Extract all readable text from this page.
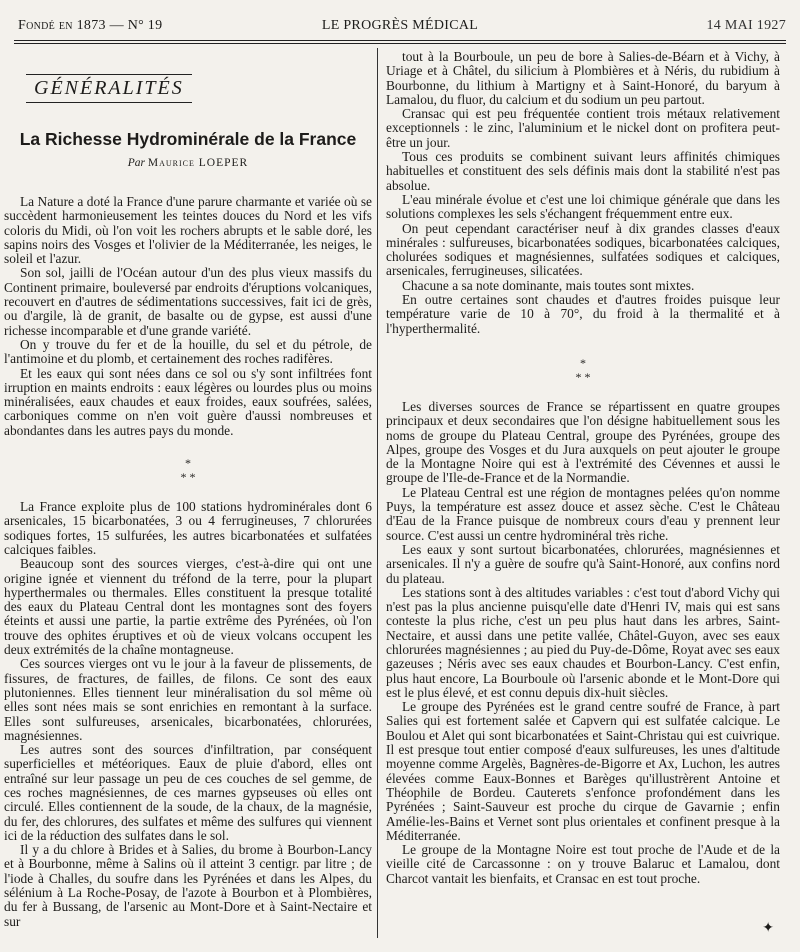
Fondé en 1873 — N° 19	LE PROGRÈS MÉDICAL	14 MAI 1927
GÉNÉRALITÉS
La Richesse Hydrominérale de la France
Par Maurice LOEPER

La Nature a doté la France d'une parure charmante et variée où se succèdent harmonieusement les teintes douces du Nord et les vifs coloris du Midi, où l'on voit les rochers abrupts et le sable doré, les sapins noirs des Vosges et l'olivier de la Méditerranée, les neiges, le soleil et l'azur.

Son sol, jailli de l'Océan autour d'un des plus vieux massifs du Continent primaire, bouleversé par endroits d'éruptions volcaniques, recouvert en d'autres de sédimentations successives, fait ici de grès, ou d'argile, là de granit, de basalte ou de gypse, est aussi d'une richesse incomparable et d'une grande variété.

On y trouve du fer et de la houille, du sel et du pétrole, de l'antimoine et du plomb, et certainement des roches radifères.

Et les eaux qui sont nées dans ce sol ou s'y sont infiltrées font irruption en maints endroits : eaux légères ou lourdes plus ou moins minéralisées, eaux chaudes et eaux froides, eaux soufrées, salées, carboniques comme on n'en voit guère d'aussi nombreuses et abondantes dans les autres pays du monde.

*
* *

La France exploite plus de 100 stations hydrominérales dont 6 arsenicales, 15 bicarbonatées, 3 ou 4 ferrugineuses, 7 chlorurées sodiques fortes, 15 sulfurées, les autres bicarbonatées et sulfatées calciques faibles.

Beaucoup sont des sources vierges, c'est-à-dire qui ont une origine ignée et viennent du tréfond de la terre, pour la plupart hyperthermales ou thermales. Elles constituent la presque totalité des eaux du Plateau Central dont les montagnes sont des foyers éteints et aussi une partie, la partie extrême des Pyrénées, où l'on trouve des ophites éruptives et où de vieux volcans occupent les deux extrémités de la chaîne montagneuse.

Ces sources vierges ont vu le jour à la faveur de plissements, de fissures, de fractures, de failles, de filons. Ce sont des eaux plutoniennes. Elles tiennent leur minéralisation du sol même où elles sont nées mais se sont enrichies en remontant à la surface. Elles sont sulfureuses, arsenicales, bicarbonatées, chlorurées, magnésiennes.

Les autres sont des sources d'infiltration, par conséquent superficielles et météoriques. Eaux de pluie d'abord, elles ont entraîné sur leur passage un peu de ces couches de sel gemme, de ces roches magnésiennes, de ces marnes gypseuses où elles ont circulé. Elles contiennent de la soude, de la chaux, de la magnésie, du fer, des chlorures, des sulfates et même des sulfures qui viennent ici de la réduction des sulfates dans le sol.

Il y a du chlore à Brides et à Salies, du brome à Bourbon-Lancy et à Bourbonne, même à Salins où il atteint 3 centigr. par litre ; de l'iode à Challes, du soufre dans les Pyrénées et dans les Alpes, du sélénium à La Roche-Posay, de l'azote à Bourbon et à Plombières, du fer à Bussang, de l'arsenic au Mont-Dore et à Saint-Nectaire et sur

tout à la Bourboule, un peu de bore à Salies-de-Béarn et à Vichy, à Uriage et à Châtel, du silicium à Plombières et à Néris, du rubidium à Bourbonne, du lithium à Martigny et à Saint-Honoré, du baryum à Lamalou, du fluor, du calcium et du sodium un peu partout.

Cransac qui est peu fréquentée contient trois métaux relativement exceptionnels : le zinc, l'aluminium et le nickel dont on profitera peut-être un jour.

Tous ces produits se combinent suivant leurs affinités chimiques habituelles et constituent des sels définis mais dont la stabilité n'est pas absolue.

L'eau minérale évolue et c'est une loi chimique générale que dans les solutions complexes les sels s'échangent fréquemment entre eux.

On peut cependant caractériser neuf à dix grandes classes d'eaux minérales : sulfureuses, bicarbonatées sodiques, bicarbonatées calciques, cholurées sodiques et magnésiennes, sulfatées sodiques et calciques, arsenicales, ferrugineuses, silicatées.

Chacune a sa note dominante, mais toutes sont mixtes.

En outre certaines sont chaudes et d'autres froides puisque leur température varie de 10 à 70°, du froid à la thermalité et à l'hyperthermalité.

*
* *

Les diverses sources de France se répartissent en quatre groupes principaux et deux secondaires que l'on désigne habituellement sous les noms de groupe du Plateau Central, groupe des Pyrénées, groupe des Alpes, groupe des Vosges et du Jura auxquels on peut ajouter le groupe de la Montagne Noire qui est à l'extrémité des Cévennes et aussi le groupe de l'Ile-de-France et de la Normandie.

Le Plateau Central est une région de montagnes pelées qu'on nomme Puys, la température est assez douce et assez sèche. C'est le Château d'Eau de la France puisque de nombreux cours d'eau y prennent leur source. C'est aussi un centre hydrominéral très riche.

Les eaux y sont surtout bicarbonatées, chlorurées, magnésiennes et arsenicales. Il n'y a guère de soufre qu'à Saint-Honoré, aux confins nord du plateau.

Les stations sont à des altitudes variables : c'est tout d'abord Vichy qui n'est pas la plus ancienne puisqu'elle date d'Henri IV, mais qui est sans conteste la plus riche, c'est un peu plus haut dans les arbres, Saint-Nectaire, et aussi dans une petite vallée, Châtel-Guyon, avec ses eaux chlorurées magnésiennes ; au pied du Puy-de-Dôme, Royat avec ses eaux gazeuses ; Néris avec ses eaux chaudes et Bourbon-Lancy. C'est enfin, plus haut encore, La Bourboule où l'arsenic abonde et le Mont-Dore qui est le plus élevé, et est connu depuis dix-huit siècles.

Le groupe des Pyrénées est le grand centre soufré de France, à part Salies qui est fortement salée et Capvern qui est sulfatée calcique. Le Boulou et Alet qui sont bicarbonatées et Saint-Christau qui est cuivrique. Il est presque tout entier composé d'eaux sulfureuses, les unes d'altitude moyenne comme Argelès, Bagnères-de-Bigorre et Ax, Luchon, les autres élevées comme Eaux-Bonnes et Barèges qu'illustrèrent Antoine et Théophile de Bordeu. Cauterets s'enfonce profondément dans les Pyrénées ; Saint-Sauveur est proche du cirque de Gavarnie ; enfin Amélie-les-Bains et Vernet sont plus orientales et confinent presque à la Méditerranée.

Le groupe de la Montagne Noire est tout proche de l'Aude et de la vieille cité de Carcassonne : on y trouve Balaruc et Lamalou, dont Charcot vantait les bienfaits, et Cransac en est tout proche.

✦
